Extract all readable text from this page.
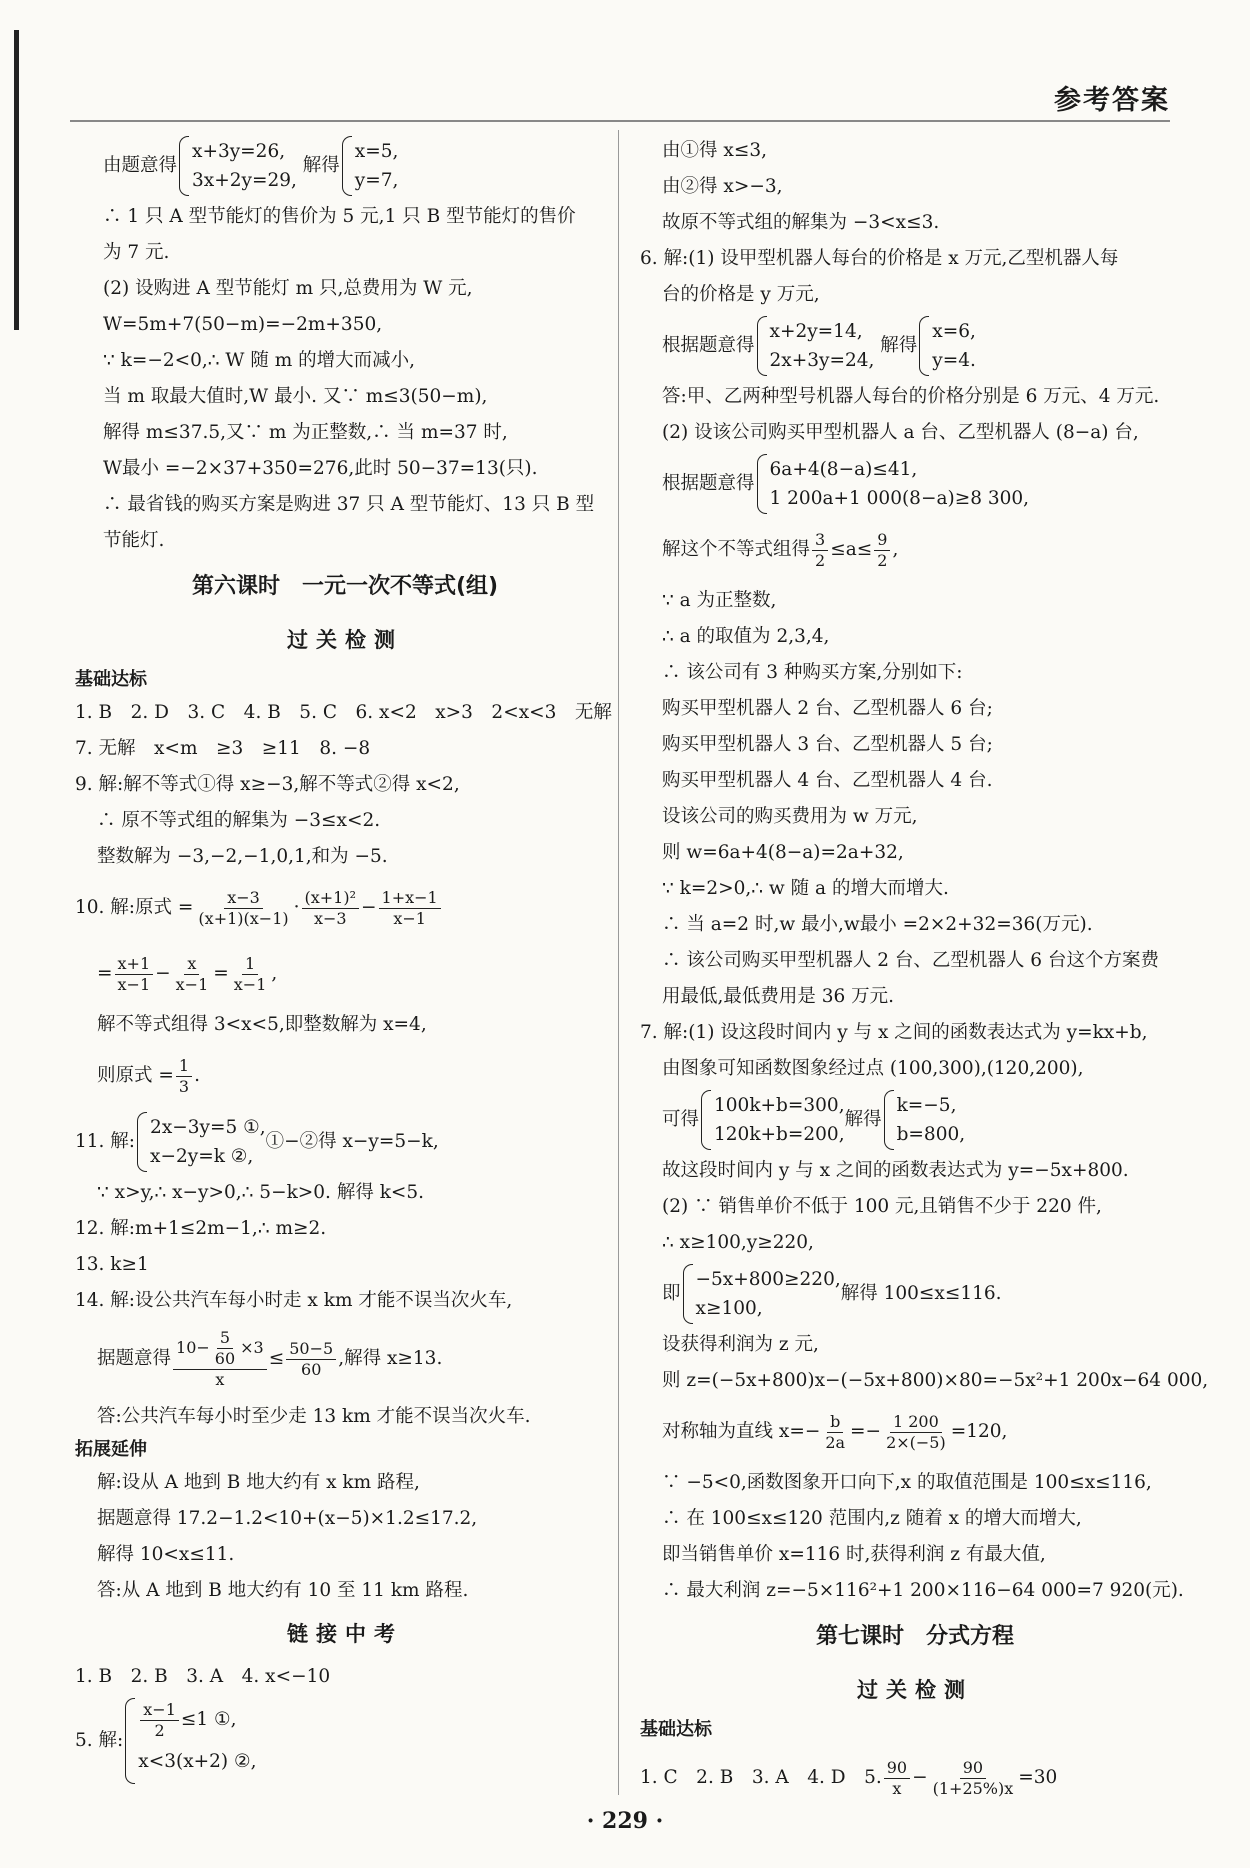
参考答案
由题意得
x+3y=26,
3x+2y=29,

解得
x=5,
y=7,
∴ 1 只 A 型节能灯的售价为 5 元,1 只 B 型节能灯的售价
为 7 元.
(2) 设购进 A 型节能灯 m 只,总费用为 W 元,
W=5m+7(50−m)=−2m+350,
∵ k=−2<0,∴ W 随 m 的增大而减小,
当 m 取最大值时,W 最小. 又∵ m≤3(50−m),
解得 m≤37.5,又∵ m 为正整数,∴ 当 m=37 时,
W最小 =−2×37+350=276,此时 50−37=13(只).
∴ 最省钱的购买方案是购进 37 只 A 型节能灯、13 只 B 型
节能灯.
第六课时　一元一次不等式(组)
过关检测
基础达标
1. B　2. D　3. C　4. B　5. C　6. x<2　x>3　2<x<3　无解
7. 无解　x<m　≥3　≥11　8. −8
9. 解:解不等式①得 x≥−3,解不等式②得 x<2,
∴ 原不等式组的解集为 −3≤x<2.
整数解为 −3,−2,−1,0,1,和为 −5.
10. 解:原式 = $\frac{x-3}{(x+1)(x-1)} \cdot \frac{\text{(x+1)²}}{x-3} - \frac{1+x-1}{x-1}$
= $\frac{x+1}{x-1} - \frac{x}{x-1} = \frac{1}{x-1}$ ,
解不等式组得 3<x<5,即整数解为 x=4,
则原式 = $\frac{1}{3}$ .
11. 解:
2x−3y=5 ①,
x−2y=k ②,
①−②得 x−y=5−k,
∵ x>y,∴ x−y>0,∴ 5−k>0. 解得 k<5.
12. 解:m+1≤2m−1,∴ m≥2.
13. k≥1
14. 解:设公共汽车每小时走 x km 才能不误当次火车,
据题意得 $\frac{10- \frac{5}{60} \times 3}{x} \le \frac{50-5}{60}$ ,解得 x≥13.
答:公共汽车每小时至少走 13 km 才能不误当次火车.
拓展延伸
解:设从 A 地到 B 地大约有 x km 路程,
据题意得 17.2−1.2<10+(x−5)×1.2≤17.2,
解得 10<x≤11.
答:从 A 地到 B 地大约有 10 至 11 km 路程.
链接中考
1. B　2. B　3. A　4. x<−10
5. 解: $\frac{x-1}{2} \le 1$ ①,
x<3(x+2) ②,
由①得 x≤3,
由②得 x>−3,
故原不等式组的解集为 −3<x≤3.
6. 解:(1) 设甲型机器人每台的价格是 x 万元,乙型机器人每
台的价格是 y 万元,
根据题意得
x+2y=14,
2x+3y=24,

解得
x=6,
y=4.
答:甲、乙两种型号机器人每台的价格分别是 6 万元、4 万元.
(2) 设该公司购买甲型机器人 a 台、乙型机器人 (8−a) 台,
根据题意得
6a+4(8−a)≤41,
1 200a+1 000(8−a)≥8 300,
解这个不等式组得 $\frac{3}{2} \le a\le \frac{9}{2}$ ,
∵ a 为正整数,
∴ a 的取值为 2,3,4,
∴ 该公司有 3 种购买方案,分别如下:
购买甲型机器人 2 台、乙型机器人 6 台;
购买甲型机器人 3 台、乙型机器人 5 台;
购买甲型机器人 4 台、乙型机器人 4 台.
设该公司的购买费用为 w 万元,
则 w=6a+4(8−a)=2a+32,
∵ k=2>0,∴ w 随 a 的增大而增大.
∴ 当 a=2 时,w 最小,w最小 =2×2+32=36(万元).
∴ 该公司购买甲型机器人 2 台、乙型机器人 6 台这个方案费
用最低,最低费用是 36 万元.
7. 解:(1) 设这段时间内 y 与 x 之间的函数表达式为 y=kx+b,
由图象可知函数图象经过点 (100,300),(120,200),
可得
100k+b=300,
120k+b=200,
解得
k=−5,
b=800,
故这段时间内 y 与 x 之间的函数表达式为 y=−5x+800.
(2) ∵ 销售单价不低于 100 元,且销售不少于 220 件,
∴ x≥100,y≥220,
即
−5x+800≥220,
x≥100,
解得 100≤x≤116.
设获得利润为 z 元,
则 z=(−5x+800)x−(−5x+800)×80=−5x²+1 200x−64 000,
对称轴为直线 $x=- \frac{b}{2a} =- \frac{1 200}{2\times(-5)} =120$,
∵ −5<0,函数图象开口向下,x 的取值范围是 100≤x≤116,
∴ 在 100≤x≤120 范围内,z 随着 x 的增大而增大,
即当销售单价 x=116 时,获得利润 z 有最大值,
∴ 最大利润 z=−5×116²+1 200×116−64 000=7 920(元).
第七课时　分式方程
过关检测
基础达标
1. C　2. B　3. A　4. D　5. $\frac{90}{x} - \frac{90}{(1+25\%)x} =30$
· 229 ·
